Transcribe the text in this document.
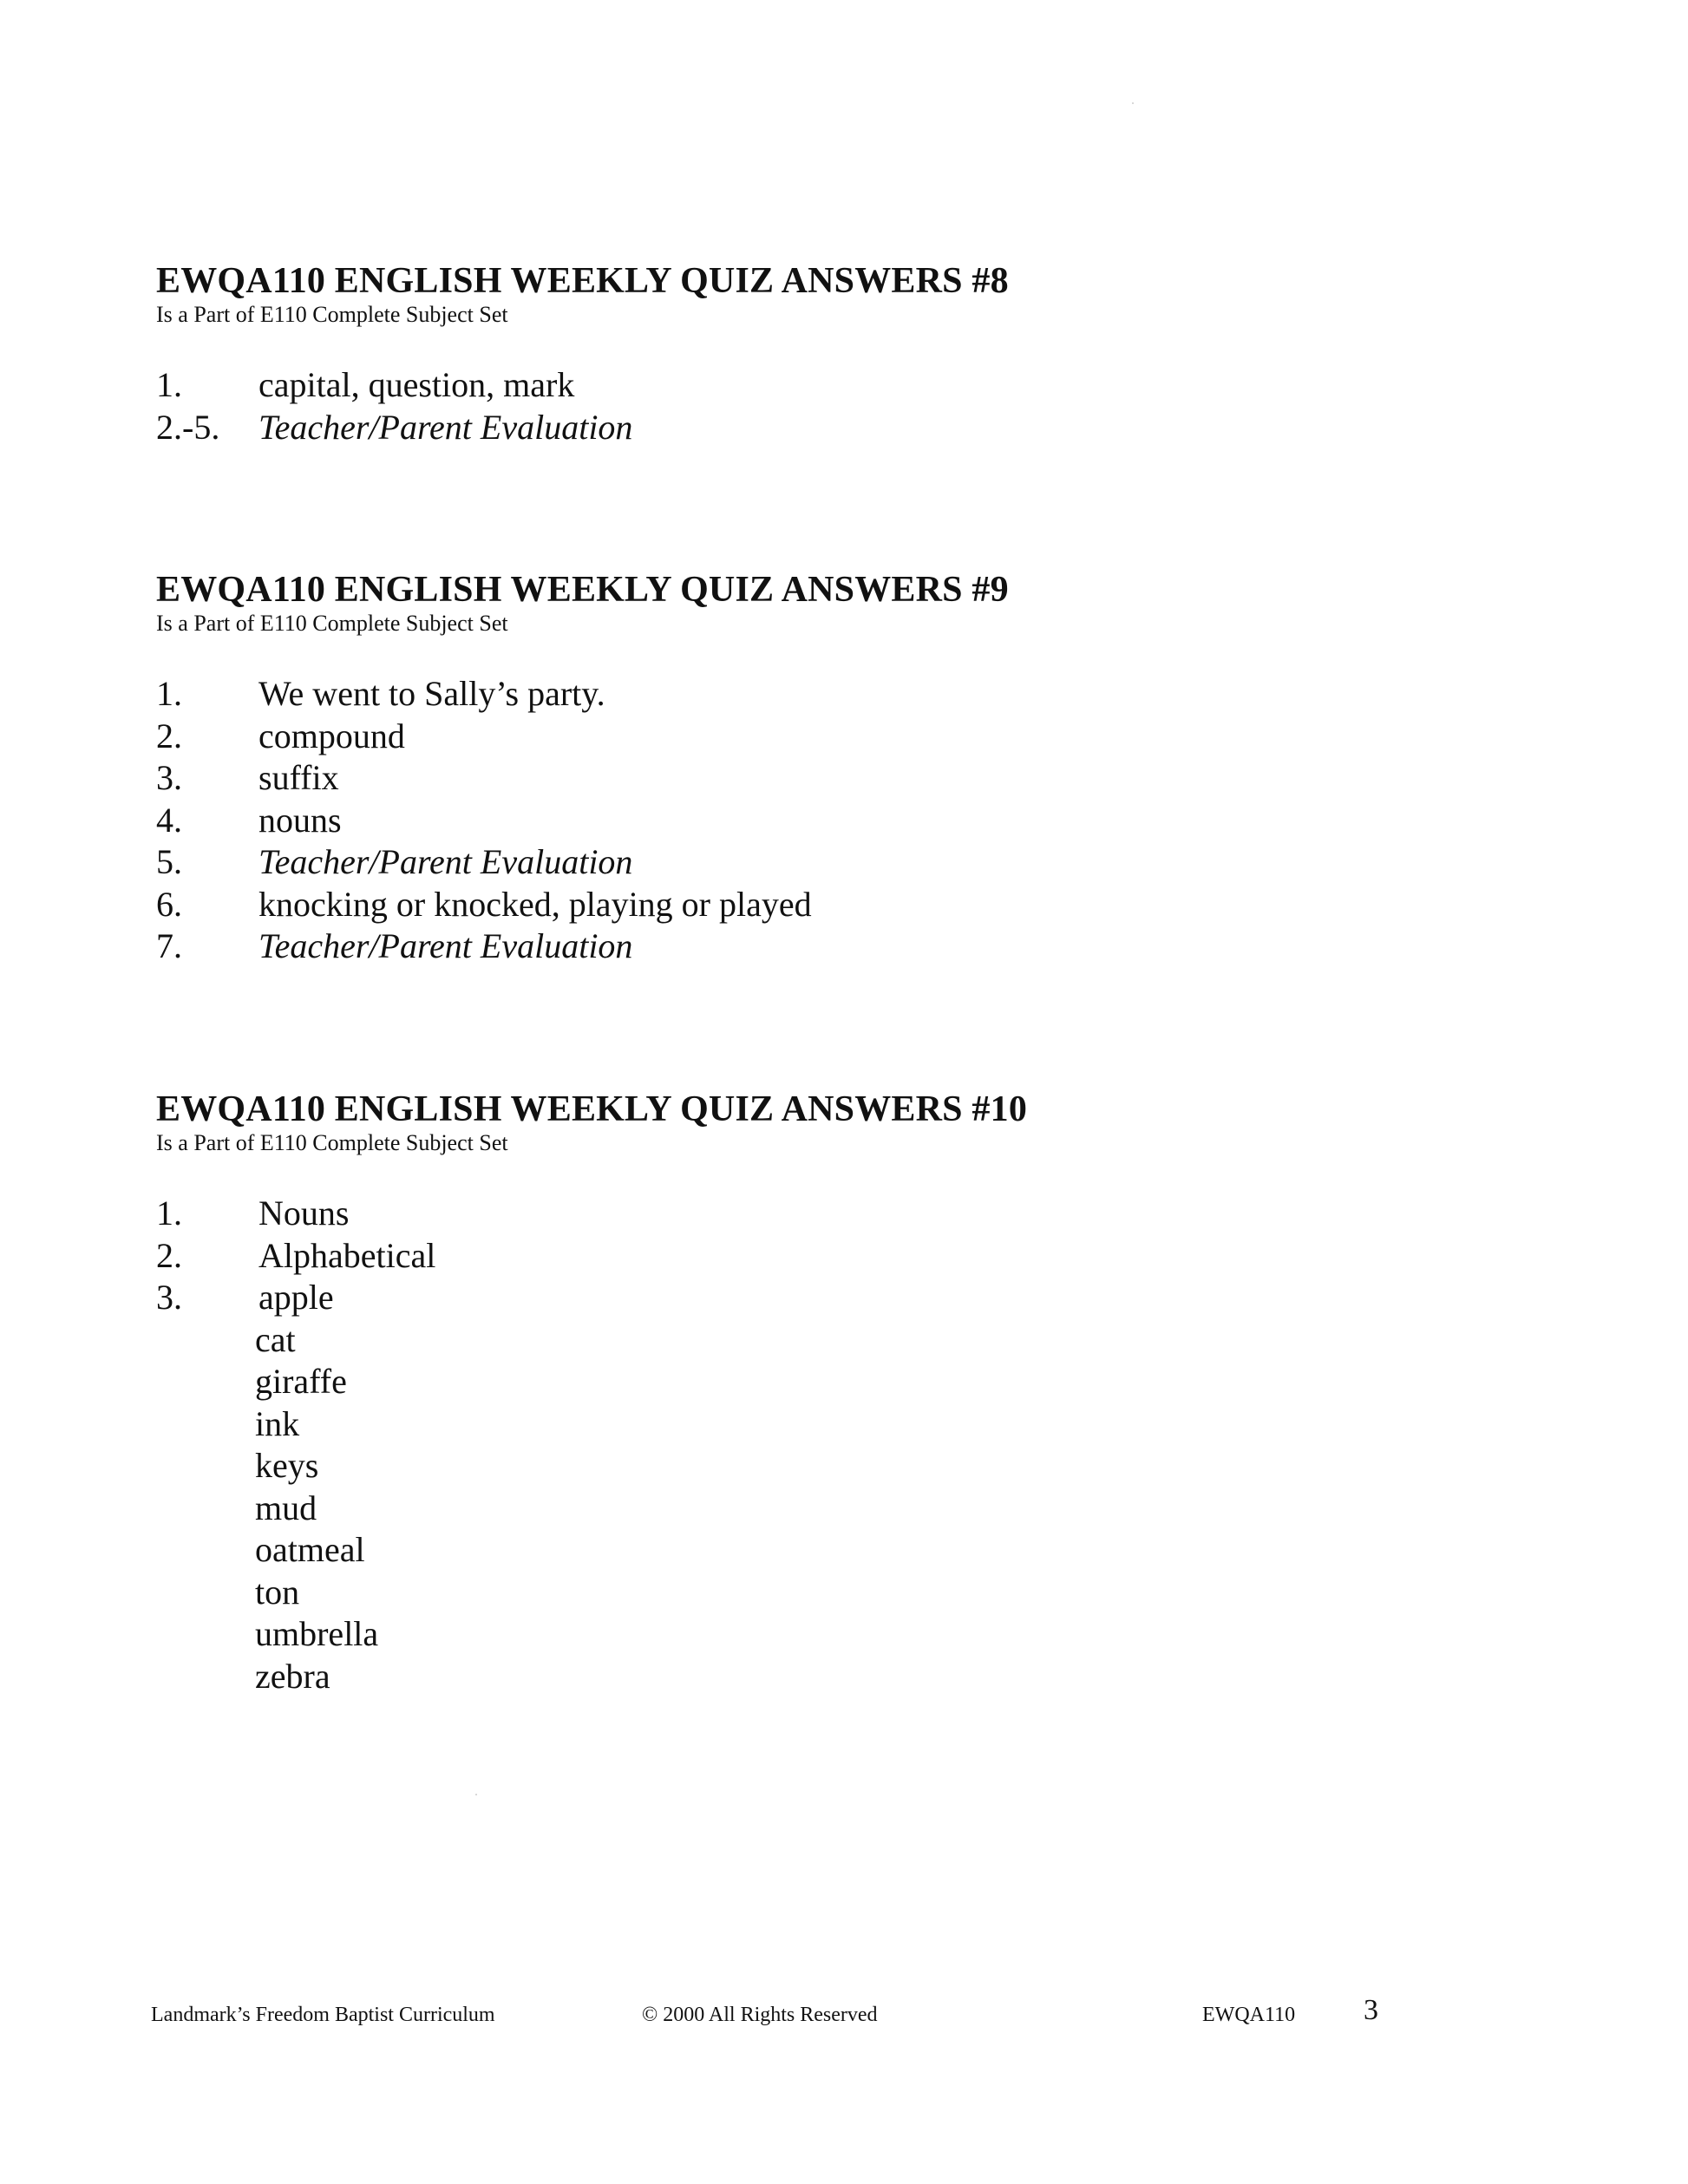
EWQA110 ENGLISH WEEKLY QUIZ ANSWERS #8

Is a Part of E110 Complete Subject Set

1.	capital, question, mark
2.-5.	Teacher/Parent Evaluation
EWQA110 ENGLISH WEEKLY QUIZ ANSWERS #9

Is a Part of E110 Complete Subject Set

1.	We went to Sally’s party.
2.	compound
3.	suffix
4.	nouns
5.	Teacher/Parent Evaluation
6.	knocking or knocked, playing or played
7.	Teacher/Parent Evaluation
EWQA110 ENGLISH WEEKLY QUIZ ANSWERS #10

Is a Part of E110 Complete Subject Set

1.	Nouns
2.	Alphabetical
3.	apple
cat
giraffe
ink
keys
mud
oatmeal
ton
umbrella
zebra
Landmark’s Freedom Baptist Curriculum	© 2000 All Rights Reserved	EWQA110 3
